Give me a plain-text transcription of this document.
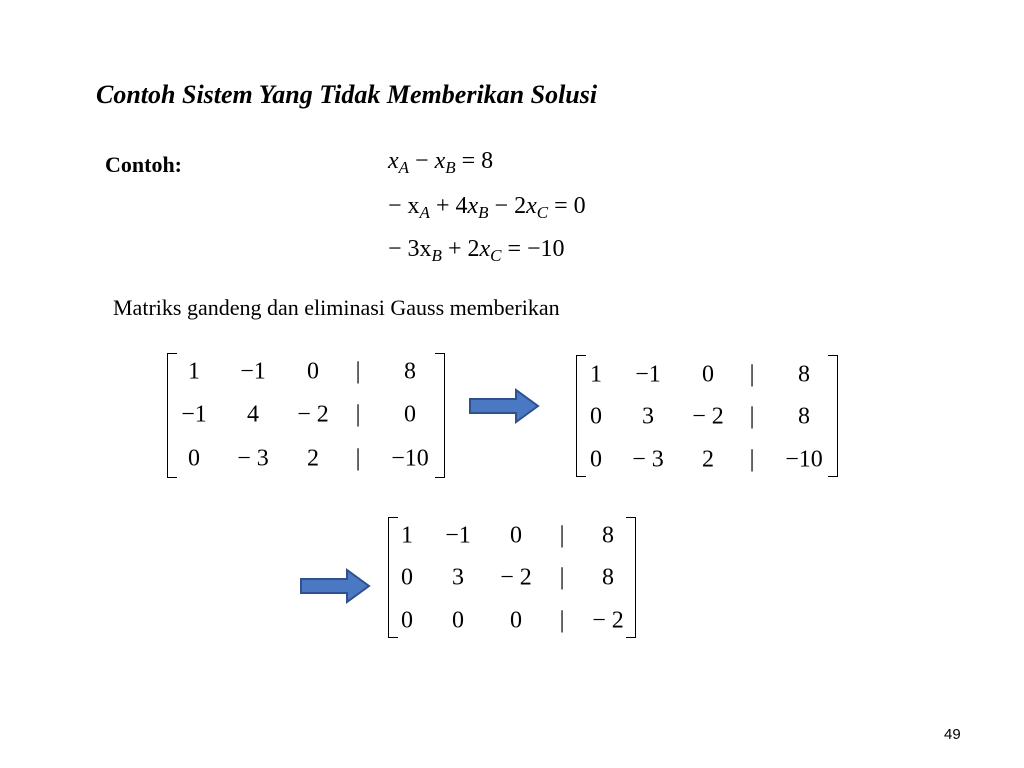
Contoh Sistem Yang Tidak Memberikan Solusi
Contoh:	$x_A - x_B = 8$
− $x_A + 4x_B - 2x_C = 0$
− $3x_B + 2x_C = -10$
Matriks gandeng dan eliminasi Gauss memberikan
1 −1 0 | 8
−1 4 − 2 | 0
0 − 3 2 | −10
1 −1 0 | 8
0 3 − 2 | 8
0 − 3 2 | −10
1 −1 0 | 8
0 3 − 2 | 8
0 0 0 | − 2
49
